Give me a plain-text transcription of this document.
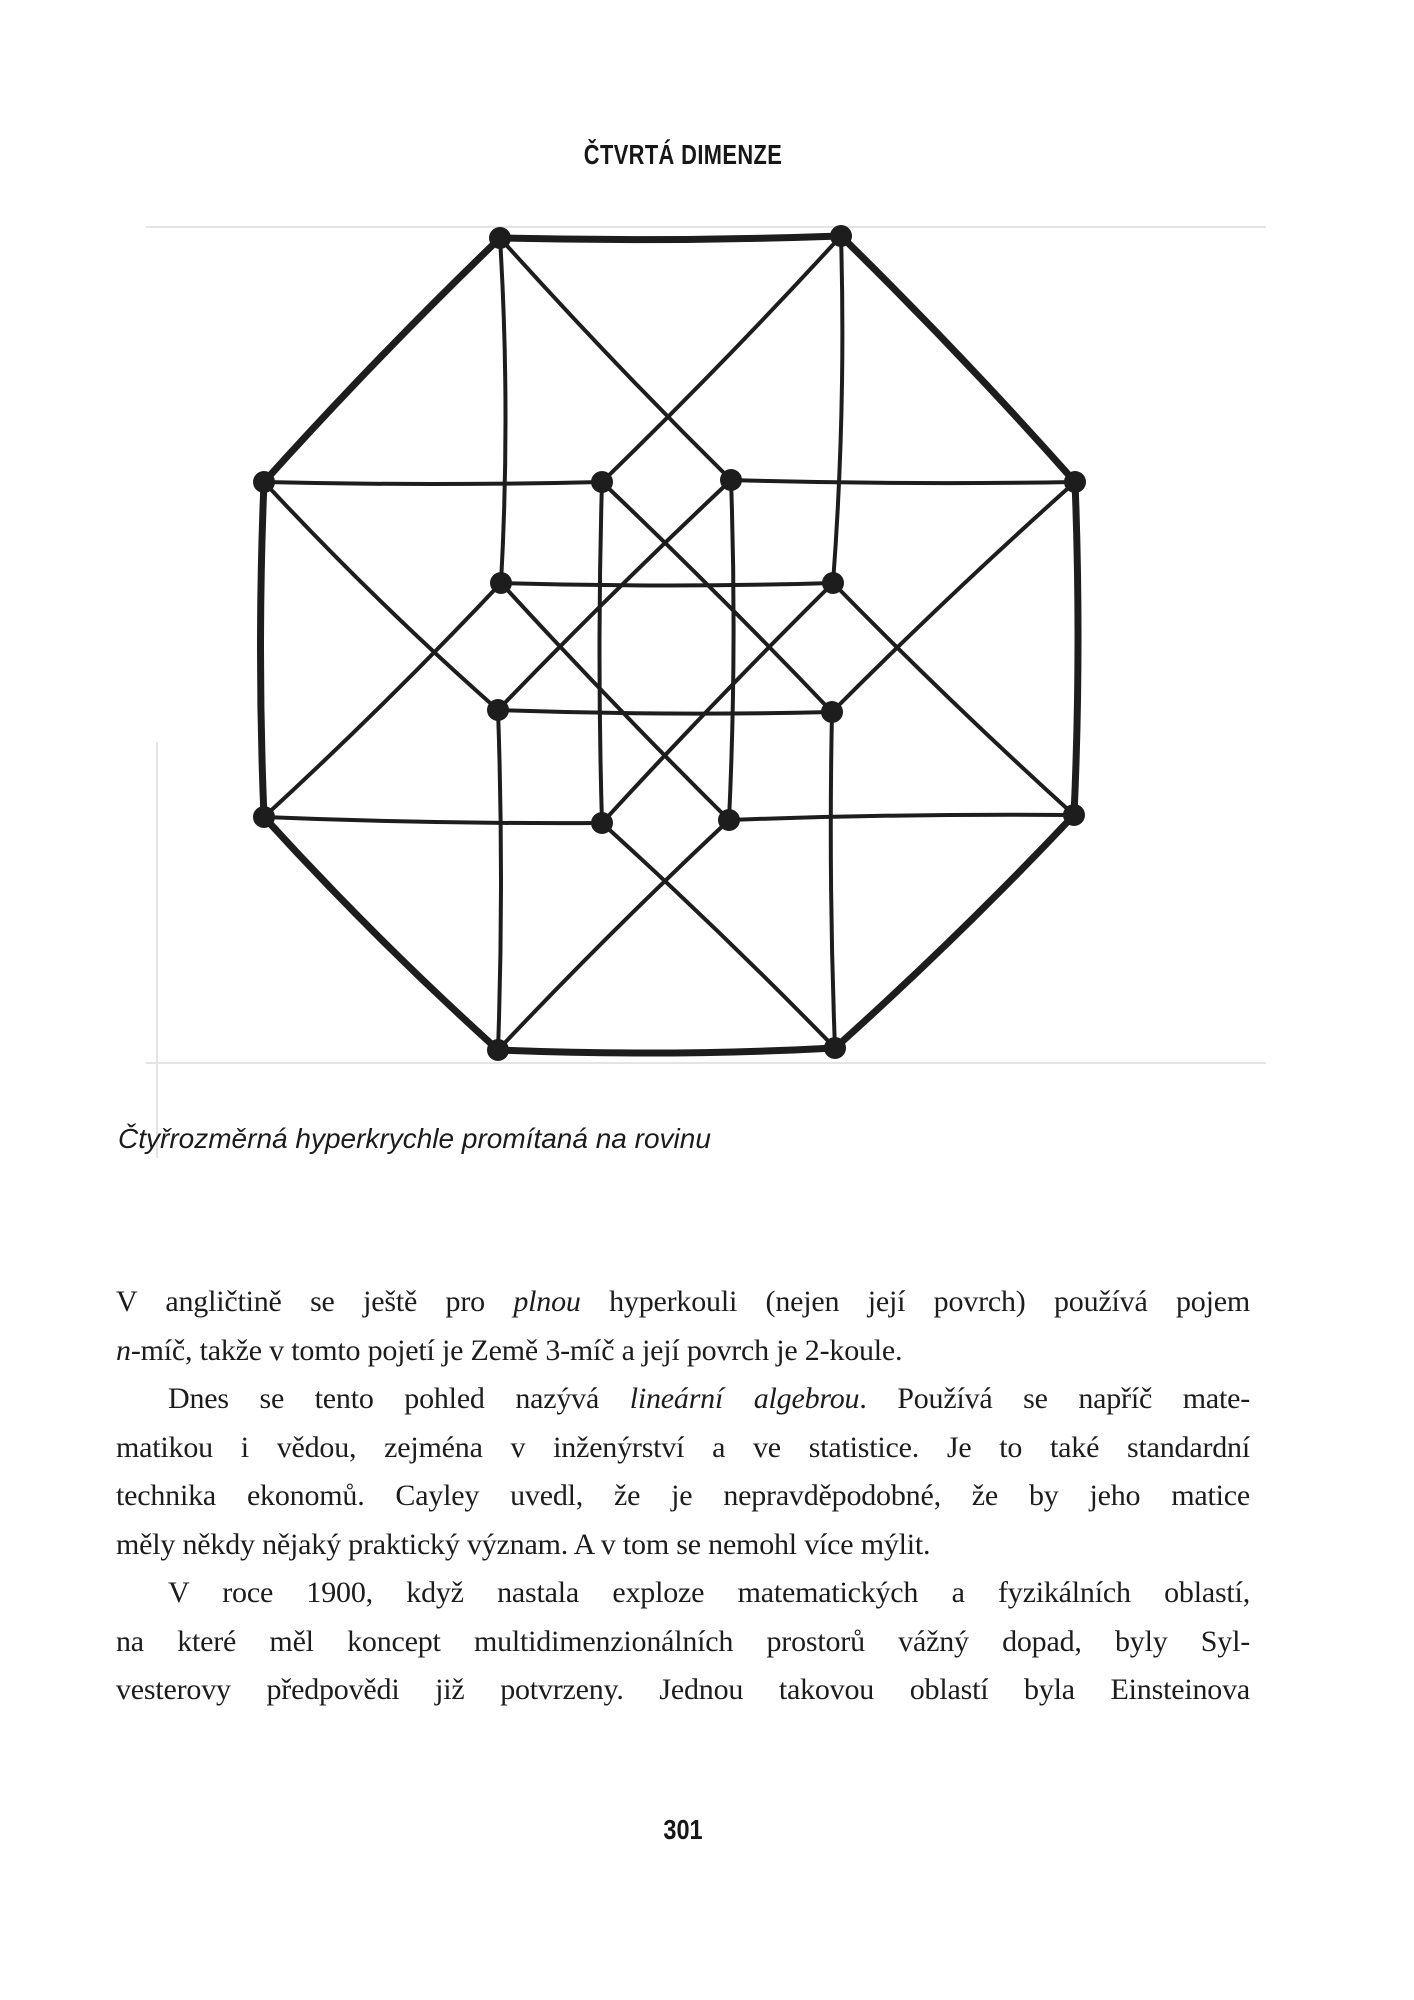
ČTVRTÁ DIMENZE
Čtyřrozměrná hyperkrychle promítaná na rovinu
V angličtině se ještě pro plnou hyperkouli (nejen její povrch) používá pojem
n-míč, takže v tomto pojetí je Země 3-míč a její povrch je 2-koule.
Dnes se tento pohled nazývá lineární algebrou. Používá se napříč mate-
matikou i vědou, zejména v inženýrství a ve statistice. Je to také standardní
technika ekonomů. Cayley uvedl, že je nepravděpodobné, že by jeho matice
měly někdy nějaký praktický význam. A v tom se nemohl více mýlit.
V roce 1900, když nastala exploze matematických a fyzikálních oblastí,
na které měl koncept multidimenzionálních prostorů vážný dopad, byly Syl-
vesterovy předpovědi již potvrzeny. Jednou takovou oblastí byla Einsteinova
301
